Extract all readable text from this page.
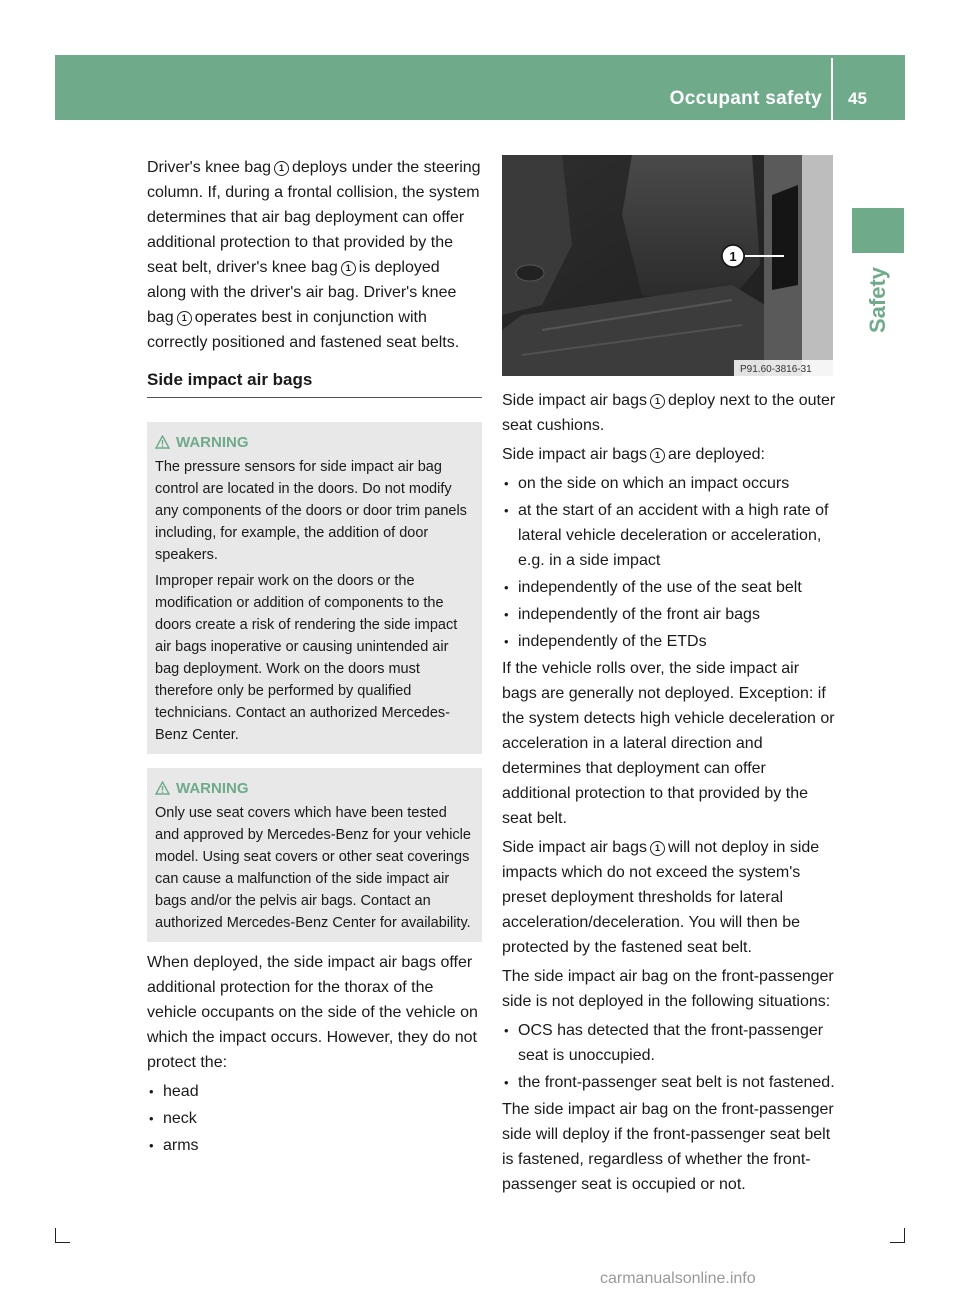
Occupant safety 45
Safety

Driver's knee bag 1 deploys under the steering column. If, during a frontal collision, the system determines that air bag deployment can offer additional protection to that provided by the seat belt, driver's knee bag 1 is deployed along with the driver's air bag. Driver's knee bag 1 operates best in conjunction with correctly positioned and fastened seat belts.

Side impact air bags
WARNING

The pressure sensors for side impact air bag control are located in the doors. Do not modify any components of the doors or door trim panels including, for example, the addition of door speakers.

Improper repair work on the doors or the modification or addition of components to the doors create a risk of rendering the side impact air bags inoperative or causing unintended air bag deployment. Work on the doors must therefore only be performed by qualified technicians. Contact an authorized Mercedes-Benz Center.

WARNING

Only use seat covers which have been tested and approved by Mercedes-Benz for your vehicle model. Using seat covers or other seat coverings can cause a malfunction of the side impact air bags and/or the pelvis air bags. Contact an authorized Mercedes-Benz Center for availability.

When deployed, the side impact air bags offer additional protection for the thorax of the vehicle occupants on the side of the vehicle on which the impact occurs. However, they do not protect the:

• head
• neck
• arms
1
P91.60-3816-31

Side impact air bags 1 deploy next to the outer seat cushions.

Side impact air bags 1 are deployed:

• on the side on which an impact occurs
• at the start of an accident with a high rate of lateral vehicle deceleration or acceleration, e.g. in a side impact
• independently of the use of the seat belt
• independently of the front air bags
• independently of the ETDs

If the vehicle rolls over, the side impact air bags are generally not deployed. Exception: if the system detects high vehicle deceleration or acceleration in a lateral direction and determines that deployment can offer additional protection to that provided by the seat belt.

Side impact air bags 1 will not deploy in side impacts which do not exceed the system's preset deployment thresholds for lateral acceleration/deceleration. You will then be protected by the fastened seat belt.

The side impact air bag on the front-passenger side is not deployed in the following situations:

• OCS has detected that the front-passenger seat is unoccupied.
• the front-passenger seat belt is not fastened.

The side impact air bag on the front-passenger side will deploy if the front-passenger seat belt is fastened, regardless of whether the front-passenger seat is occupied or not.

carmanualsonline.info
